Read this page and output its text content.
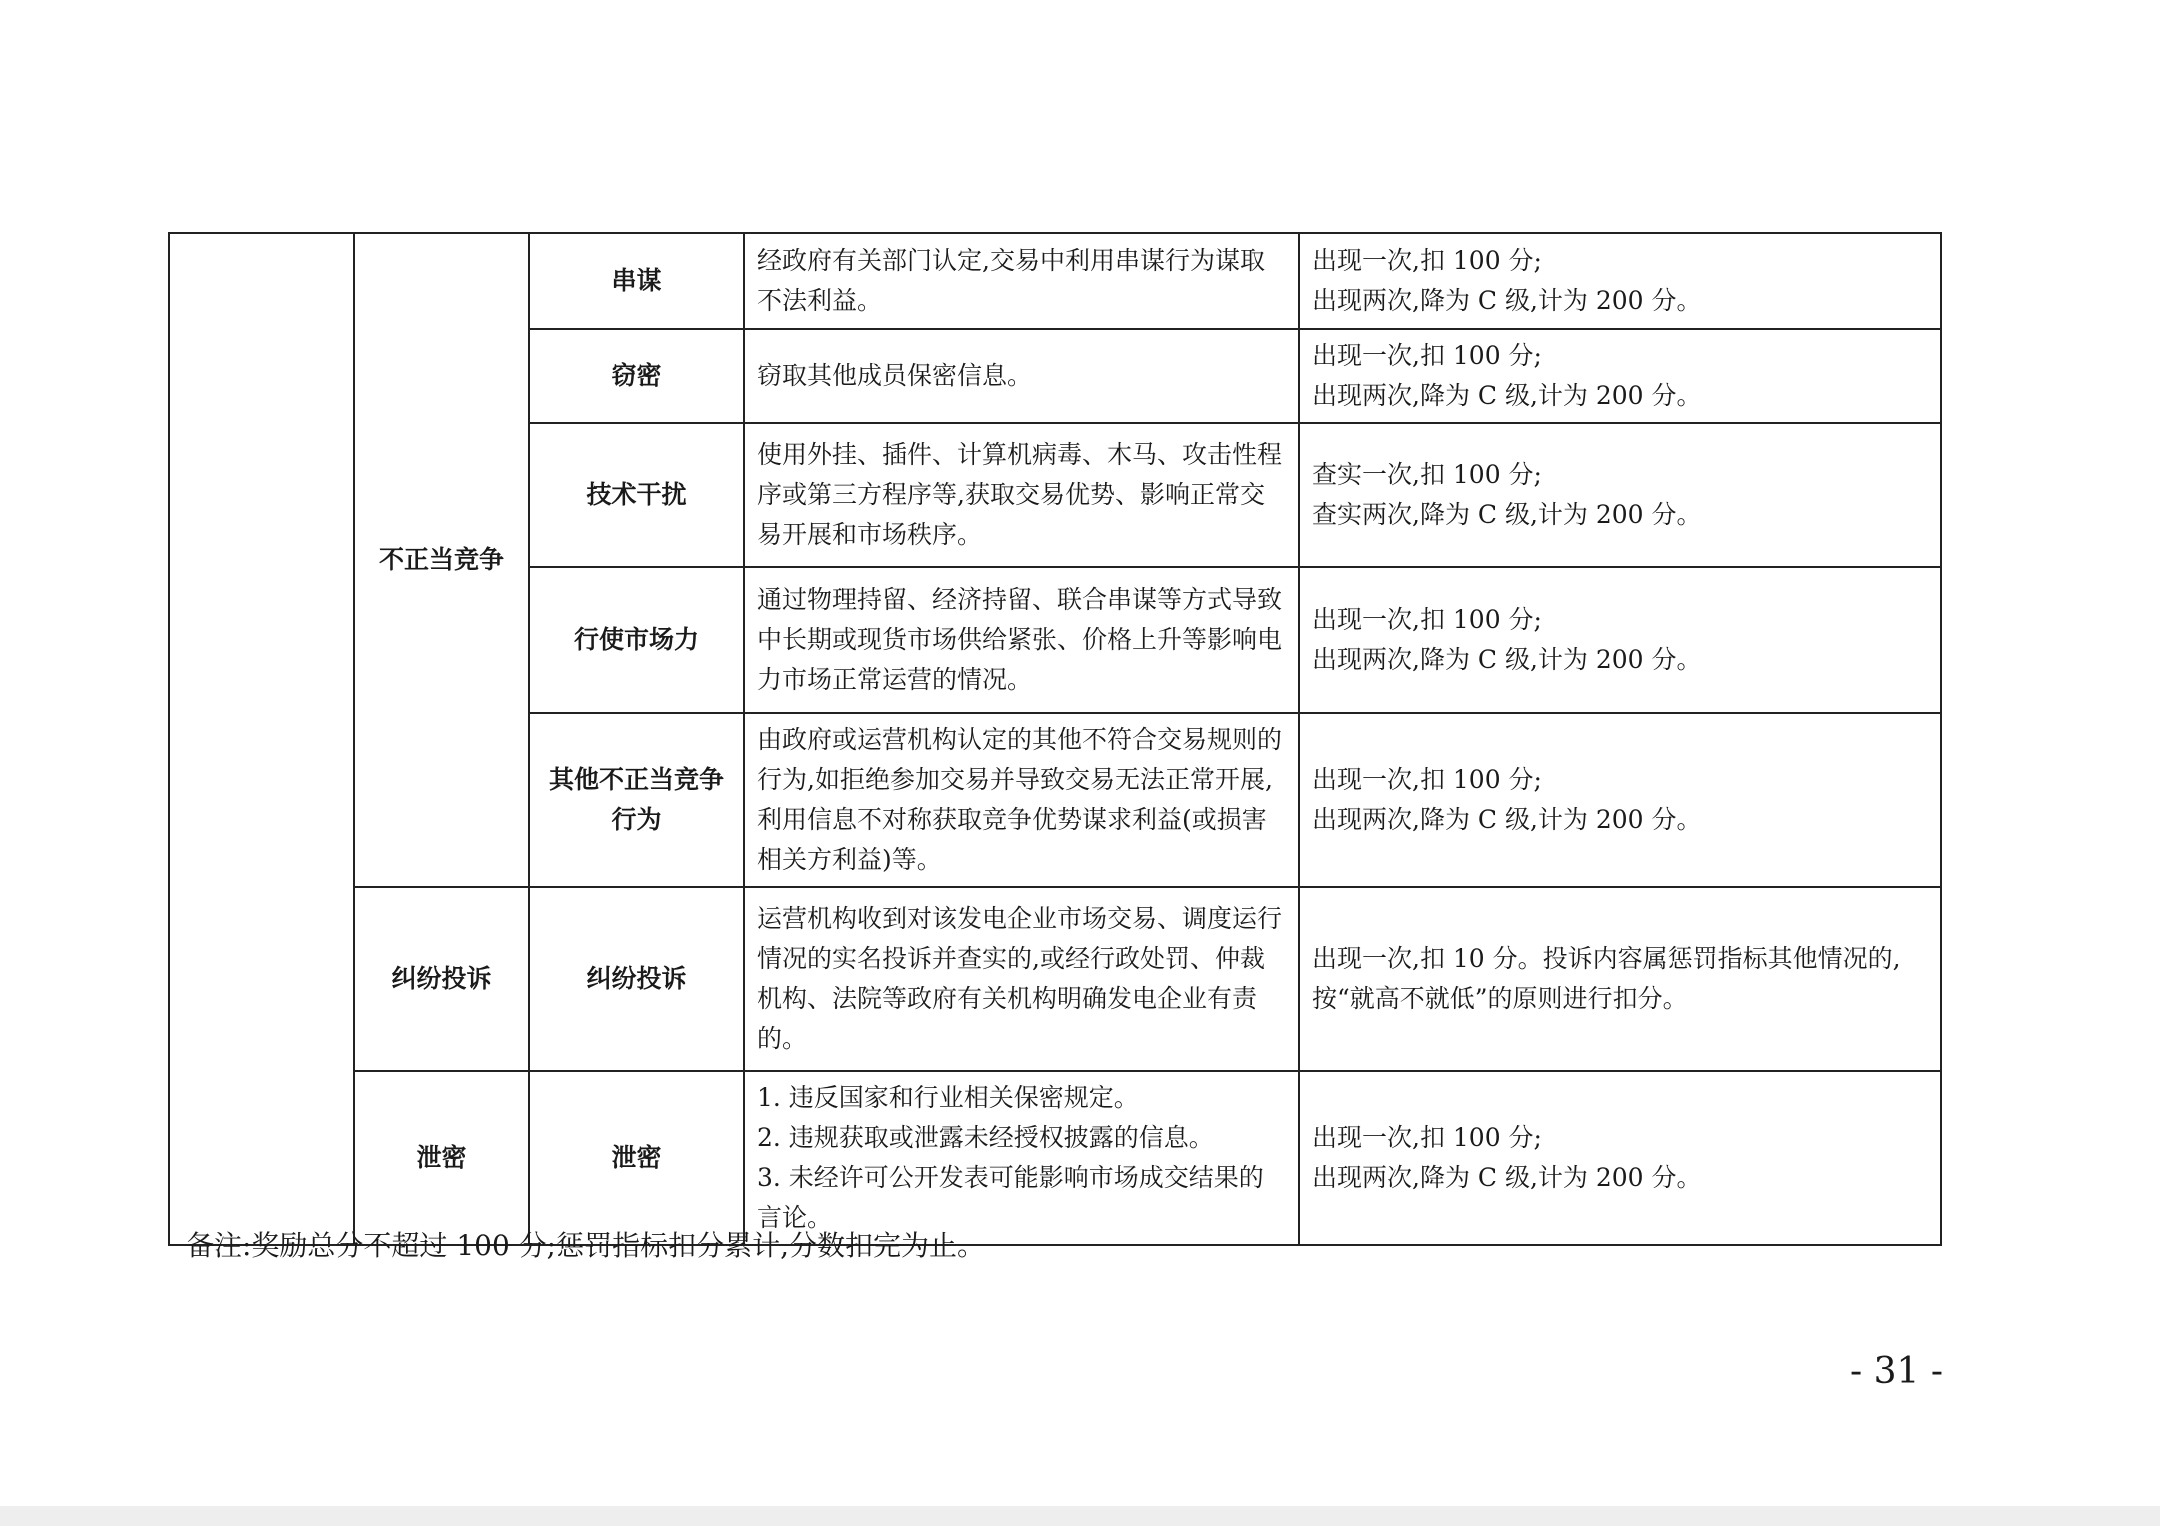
	不正当竞争	串谋	经政府有关部门认定,交易中利用串谋行为谋取不法利益。	出现一次,扣 100 分;
出现两次,降为 C 级,计为 200 分。

		窃密	窃取其他成员保密信息。	出现一次,扣 100 分;
出现两次,降为 C 级,计为 200 分。

		技术干扰	使用外挂、插件、计算机病毒、木马、攻击性程序或第三方程序等,获取交易优势、影响正常交易开展和市场秩序。	查实一次,扣 100 分;
查实两次,降为 C 级,计为 200 分。

		行使市场力	通过物理持留、经济持留、联合串谋等方式导致中长期或现货市场供给紧张、价格上升等影响电力市场正常运营的情况。	出现一次,扣 100 分;
出现两次,降为 C 级,计为 200 分。

		其他不正当竞争行为	由政府或运营机构认定的其他不符合交易规则的行为,如拒绝参加交易并导致交易无法正常开展,利用信息不对称获取竞争优势谋求利益(或损害相关方利益)等。	出现一次,扣 100 分;
出现两次,降为 C 级,计为 200 分。

	纠纷投诉	纠纷投诉	运营机构收到对该发电企业市场交易、调度运行情况的实名投诉并查实的,或经行政处罚、仲裁机构、法院等政府有关机构明确发电企业有责的。	出现一次,扣 10 分。投诉内容属惩罚指标其他情况的,按“就高不就低”的原则进行扣分。
	泄密	泄密	1. 违反国家和行业相关保密规定。
2. 违规获取或泄露未经授权披露的信息。
3. 未经许可公开发表可能影响市场成交结果的言论。	出现一次,扣 100 分;
出现两次,降为 C 级,计为 200 分。
备注:奖励总分不超过 100 分;惩罚指标扣分累计,分数扣完为止。
- 31 -
